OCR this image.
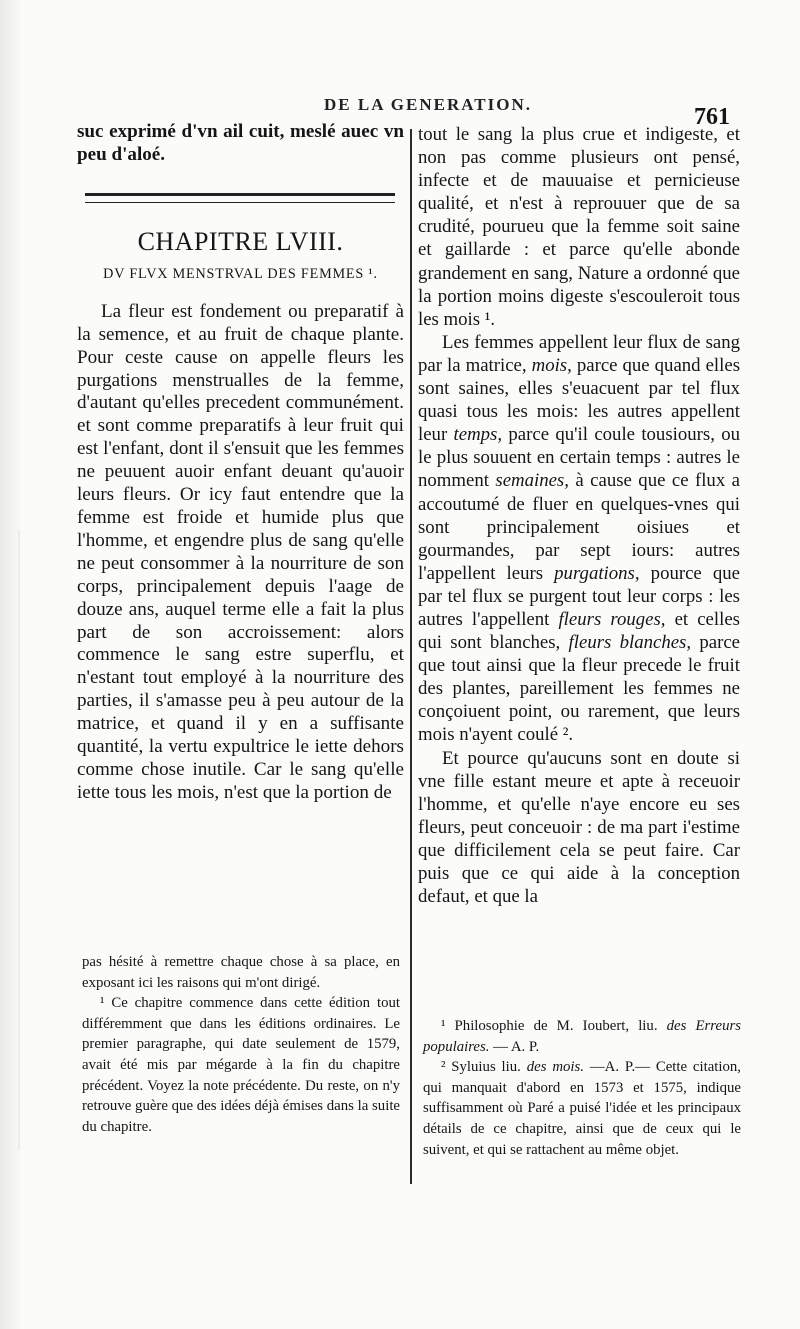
DE LA GENERATION.	761

suc exprimé d'vn ail cuit, meslé auec vn peu d'aloé.

CHAPITRE LVIII.
DV FLVX MENSTRVAL DES FEMMES ¹.

La fleur est fondement ou preparatif à la semence, et au fruit de chaque plante. Pour ceste cause on appelle fleurs les purgations menstrualles de la femme, d'autant qu'elles precedent communément. et sont comme preparatifs à leur fruit qui est l'enfant, dont il s'ensuit que les femmes ne peuuent auoir enfant deuant qu'auoir leurs fleurs. Or icy faut entendre que la femme est froide et humide plus que l'homme, et engendre plus de sang qu'elle ne peut consommer à la nourriture de son corps, principalement depuis l'aage de douze ans, auquel terme elle a fait la plus part de son accroissement: alors commence le sang estre superflu, et n'estant tout employé à la nourriture des parties, il s'amasse peu à peu autour de la matrice, et quand il y en a suffisante quantité, la vertu expultrice le iette dehors comme chose inutile. Car le sang qu'elle iette tous les mois, n'est que la portion de

tout le sang la plus crue et indigeste, et non pas comme plusieurs ont pensé, infecte et de mauuaise et pernicieuse qualité, et n'est à reprouuer que de sa crudité, pourueu que la femme soit saine et gaillarde : et parce qu'elle abonde grandement en sang, Nature a ordonné que la portion moins digeste s'escouleroit tous les mois ¹.

Les femmes appellent leur flux de sang par la matrice, mois, parce que quand elles sont saines, elles s'euacuent par tel flux quasi tous les mois: les autres appellent leur temps, parce qu'il coule tousiours, ou le plus souuent en certain temps : autres le nomment semaines, à cause que ce flux a accoutumé de fluer en quelques-vnes qui sont principalement oisiues et gourmandes, par sept iours: autres l'appellent leurs purgations, pource que par tel flux se purgent tout leur corps : les autres l'appellent fleurs rouges, et celles qui sont blanches, fleurs blanches, parce que tout ainsi que la fleur precede le fruit des plantes, pareillement les femmes ne conçoiuent point, ou rarement, que leurs mois n'ayent coulé ².

Et pource qu'aucuns sont en doute si vne fille estant meure et apte à receuoir l'homme, et qu'elle n'aye encore eu ses fleurs, peut conceuoir : de ma part i'estime que difficilement cela se peut faire. Car puis que ce qui aide à la conception defaut, et que la

pas hésité à remettre chaque chose à sa place, en exposant ici les raisons qui m'ont dirigé.

¹ Ce chapitre commence dans cette édition tout différemment que dans les éditions ordinaires. Le premier paragraphe, qui date seulement de 1579, avait été mis par mégarde à la fin du chapitre précédent. Voyez la note précédente. Du reste, on n'y retrouve guère que des idées déjà émises dans la suite du chapitre.

¹ Philosophie de M. Ioubert, liu. des Erreurs populaires. — A. P.

² Syluius liu. des mois. —A. P.— Cette citation, qui manquait d'abord en 1573 et 1575, indique suffisamment où Paré a puisé l'idée et les principaux détails de ce chapitre, ainsi que de ceux qui le suivent, et qui se rattachent au même objet.
